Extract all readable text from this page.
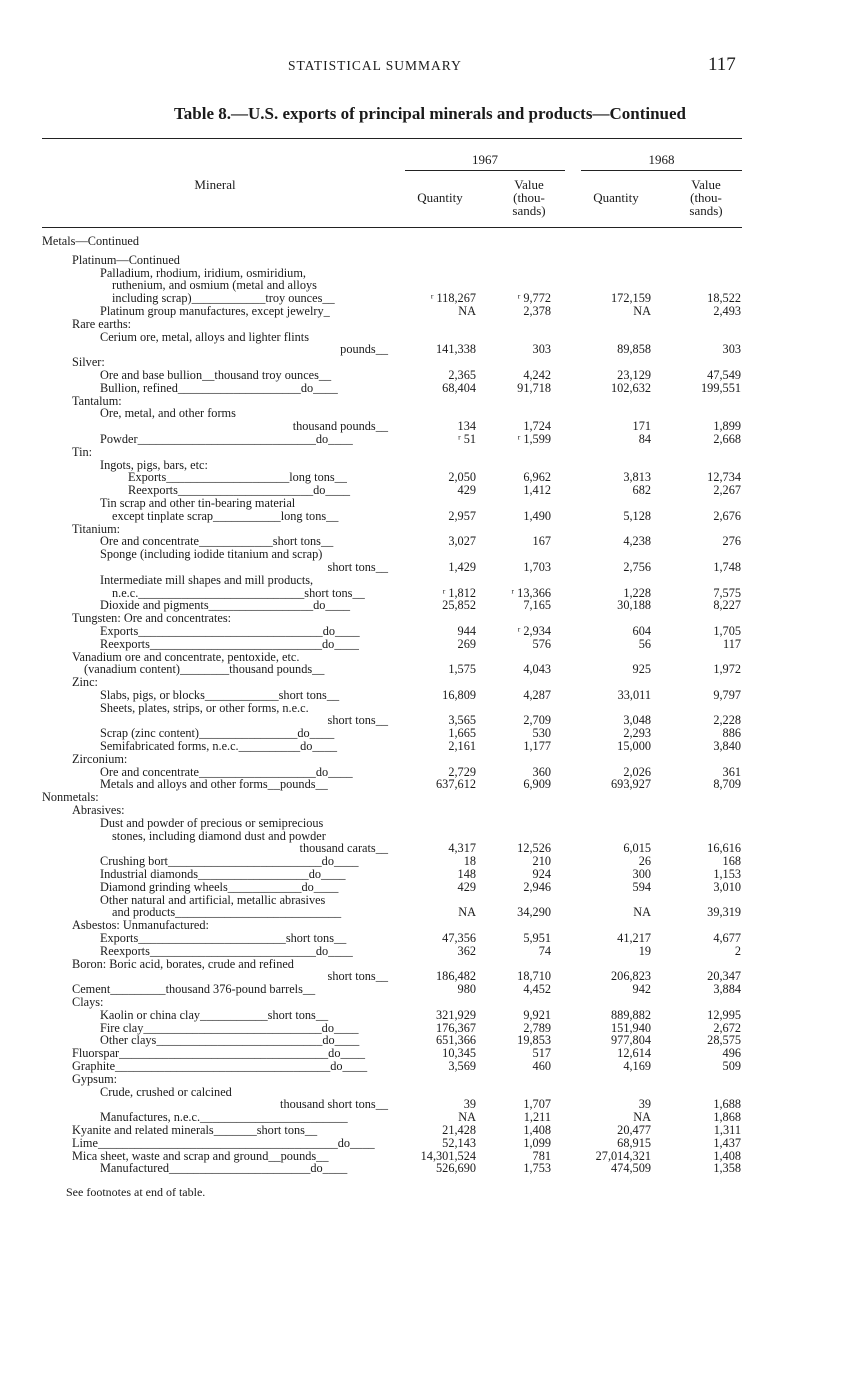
STATISTICAL SUMMARY	117
Table 8.—U.S. exports of principal minerals and products—Continued
1967	1968
Mineral
Quantity
Value
(thou-
sands)
Quantity
Value
(thou-
sands)
Metals—Continued
Platinum—Continued
Palladium, rhodium, iridium, osmiridium,
ruthenium, and osmium (metal and alloys
including scrap)____________troy ounces__	ʳ 118,267	ʳ 9,772	172,159	18,522
Platinum group manufactures, except jewelry_	NA	2,378	NA	2,493
Rare earths:
Cerium ore, metal, alloys and lighter flints
pounds__	141,338	303	89,858	303
Silver:
Ore and base bullion__thousand troy ounces__	2,365	4,242	23,129	47,549
Bullion, refined____________________do____	68,404	91,718	102,632	199,551
Tantalum:
Ore, metal, and other forms
thousand pounds__	134	1,724	171	1,899
Powder_____________________________do____	ʳ 51	ʳ 1,599	84	2,668
Tin:
Ingots, pigs, bars, etc:
Exports____________________long tons__	2,050	6,962	3,813	12,734
Reexports______________________do____	429	1,412	682	2,267
Tin scrap and other tin-bearing material
except tinplate scrap___________long tons__	2,957	1,490	5,128	2,676
Titanium:
Ore and concentrate____________short tons__	3,027	167	4,238	276
Sponge (including iodide titanium and scrap)
short tons__	1,429	1,703	2,756	1,748
Intermediate mill shapes and mill products,
n.e.c.___________________________short tons__	ʳ 1,812	ʳ 13,366	1,228	7,575
Dioxide and pigments_________________do____	25,852	7,165	30,188	8,227
Tungsten: Ore and concentrates:
Exports______________________________do____	944	ʳ 2,934	604	1,705
Reexports____________________________do____	269	576	56	117
Vanadium ore and concentrate, pentoxide, etc.
(vanadium content)________thousand pounds__	1,575	4,043	925	1,972
Zinc:
Slabs, pigs, or blocks____________short tons__	16,809	4,287	33,011	9,797
Sheets, plates, strips, or other forms, n.e.c.
short tons__	3,565	2,709	3,048	2,228
Scrap (zinc content)________________do____	1,665	530	2,293	886
Semifabricated forms, n.e.c.__________do____	2,161	1,177	15,000	3,840
Zirconium:
Ore and concentrate___________________do____	2,729	360	2,026	361
Metals and alloys and other forms__pounds__	637,612	6,909	693,927	8,709
Nonmetals:
Abrasives:
Dust and powder of precious or semiprecious
stones, including diamond dust and powder
thousand carats__	4,317	12,526	6,015	16,616
Crushing bort_________________________do____	18	210	26	168
Industrial diamonds__________________do____	148	924	300	1,153
Diamond grinding wheels____________do____	429	2,946	594	3,010
Other natural and artificial, metallic abrasives
and products___________________________	NA	34,290	NA	39,319
Asbestos: Unmanufactured:
Exports________________________short tons__	47,356	5,951	41,217	4,677
Reexports___________________________do____	362	74	19	2
Boron: Boric acid, borates, crude and refined
short tons__	186,482	18,710	206,823	20,347
Cement_________thousand 376-pound barrels__	980	4,452	942	3,884
Clays:
Kaolin or china clay___________short tons__	321,929	9,921	889,882	12,995
Fire clay_____________________________do____	176,367	2,789	151,940	2,672
Other clays___________________________do____	651,366	19,853	977,804	28,575
Fluorspar__________________________________do____	10,345	517	12,614	496
Graphite___________________________________do____	3,569	460	4,169	509
Gypsum:
Crude, crushed or calcined
thousand short tons__	39	1,707	39	1,688
Manufactures, n.e.c.________________________	NA	1,211	NA	1,868
Kyanite and related minerals_______short tons__	21,428	1,408	20,477	1,311
Lime_______________________________________do____	52,143	1,099	68,915	1,437
Mica sheet, waste and scrap and ground__pounds__	14,301,524	781	27,014,321	1,408
Manufactured_______________________do____	526,690	1,753	474,509	1,358
See footnotes at end of table.
